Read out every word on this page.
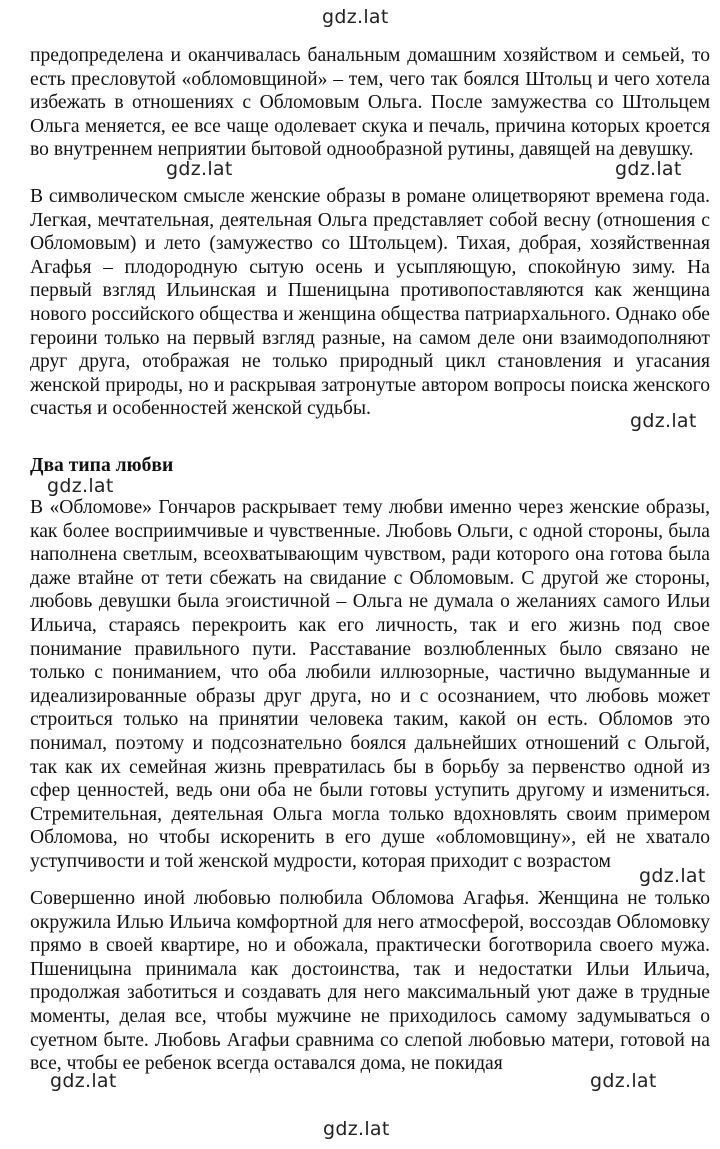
gdz.lat
gdz.lat	gdz.lat
gdz.lat
gdz.lat
gdz.lat
gdz.lat	gdz.lat
gdz.lat

предопределена и оканчивалась банальным домашним хозяйством и семьей, то есть пресловутой «обломовщиной» – тем, чего так боялся Штольц и чего хотела избежать в отношениях с Обломовым Ольга. После замужества со Штольцем Ольга меняется, ее все чаще одолевает скука и печаль, причина которых кроется во внутреннем неприятии бытовой однообразной рутины, давящей на девушку.

В символическом смысле женские образы в романе олицетворяют времена года. Легкая, мечтательная, деятельная Ольга представляет собой весну (отношения с Обломовым) и лето (замужество со Штольцем). Тихая, добрая, хозяйственная Агафья – плодородную сытую осень и усыпляющую, спокойную зиму. На первый взгляд Ильинская и Пшеницына противопоставляются как женщина нового российского общества и женщина общества патриархального. Однако обе героини только на первый взгляд разные, на самом деле они взаимодополняют друг друга, отображая не только природный цикл становления и угасания женской природы, но и раскрывая затронутые автором вопросы поиска женского счастья и особенностей женской судьбы.

Два типа любви

В «Обломове» Гончаров раскрывает тему любви именно через женские образы, как более восприимчивые и чувственные. Любовь Ольги, с одной стороны, была наполнена светлым, всеохватывающим чувством, ради которого она готова была даже втайне от тети сбежать на свидание с Обломовым. С другой же стороны, любовь девушки была эгоистичной – Ольга не думала о желаниях самого Ильи Ильича, стараясь перекроить как его личность, так и его жизнь под свое понимание правильного пути. Расставание возлюбленных было связано не только с пониманием, что оба любили иллюзорные, частично выдуманные и идеализированные образы друг друга, но и с осознанием, что любовь может строиться только на принятии человека таким, какой он есть. Обломов это понимал, поэтому и подсознательно боялся дальнейших отношений с Ольгой, так как их семейная жизнь превратилась бы в борьбу за первенство одной из сфер ценностей, ведь они оба не были готовы уступить другому и измениться. Стремительная, деятельная Ольга могла только вдохновлять своим примером Обломова, но чтобы искоренить в его душе «обломовщину», ей не хватало уступчивости и той женской мудрости, которая приходит с возрастом

Совершенно иной любовью полюбила Обломова Агафья. Женщина не только окружила Илью Ильича комфортной для него атмосферой, воссоздав Обломовку прямо в своей квартире, но и обожала, практически боготворила своего мужа. Пшеницына принимала как достоинства, так и недостатки Ильи Ильича, продолжая заботиться и создавать для него максимальный уют даже в трудные моменты, делая все, чтобы мужчине не приходилось самому задумываться о суетном быте. Любовь Агафьи сравнима со слепой любовью матери, готовой на все, чтобы ее ребенок всегда оставался дома, не покидая
